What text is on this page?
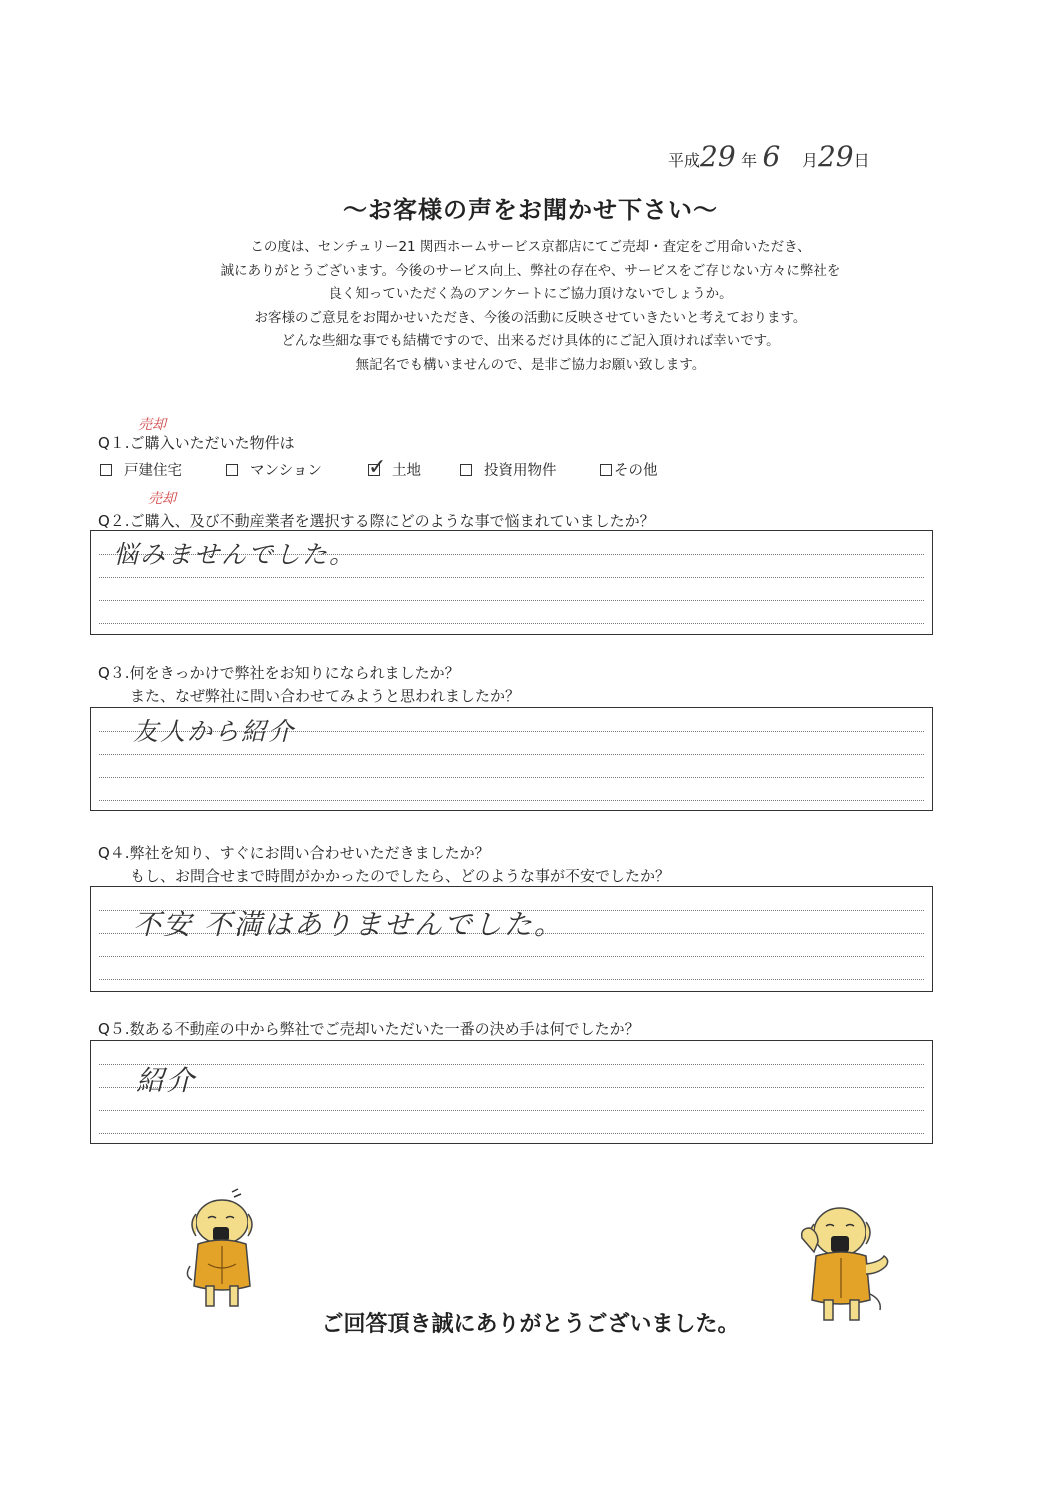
平成29 年 6 月29日
～お客様の声をお聞かせ下さい～

この度は、センチュリー21 関西ホームサービス京都店にてご売却・査定をご用命いただき、

誠にありがとうございます。今後のサービス向上、弊社の存在や、サービスをご存じない方々に弊社を

良く知っていただく為のアンケートにご協力頂けないでしょうか。

お客様のご意見をお聞かせいただき、今後の活動に反映させていきたいと考えております。

どんな些細な事でも結構ですので、出来るだけ具体的にご記入頂ければ幸いです。

無記名でも構いませんので、是非ご協力お願い致します。

売却
Q１.ご購入いただいた物件は
戸建住宅	マンション ✓ 土地	投資用物件	その他
売却
Q２.ご購入、及び不動産業者を選択する際にどのような事で悩まれていましたか？
悩みませんでした。
Q３.何をきっかけで弊社をお知りになられましたか？
また、なぜ弊社に問い合わせてみようと思われましたか？
友人から紹介
Q４.弊社を知り、すぐにお問い合わせいただきましたか？
もし、お問合せまで時間がかかったのでしたら、どのような事が不安でしたか？
不安 不満はありませんでした。
Q５.数ある不動産の中から弊社でご売却いただいた一番の決め手は何でしたか？
紹介
ご回答頂き誠にありがとうございました。
